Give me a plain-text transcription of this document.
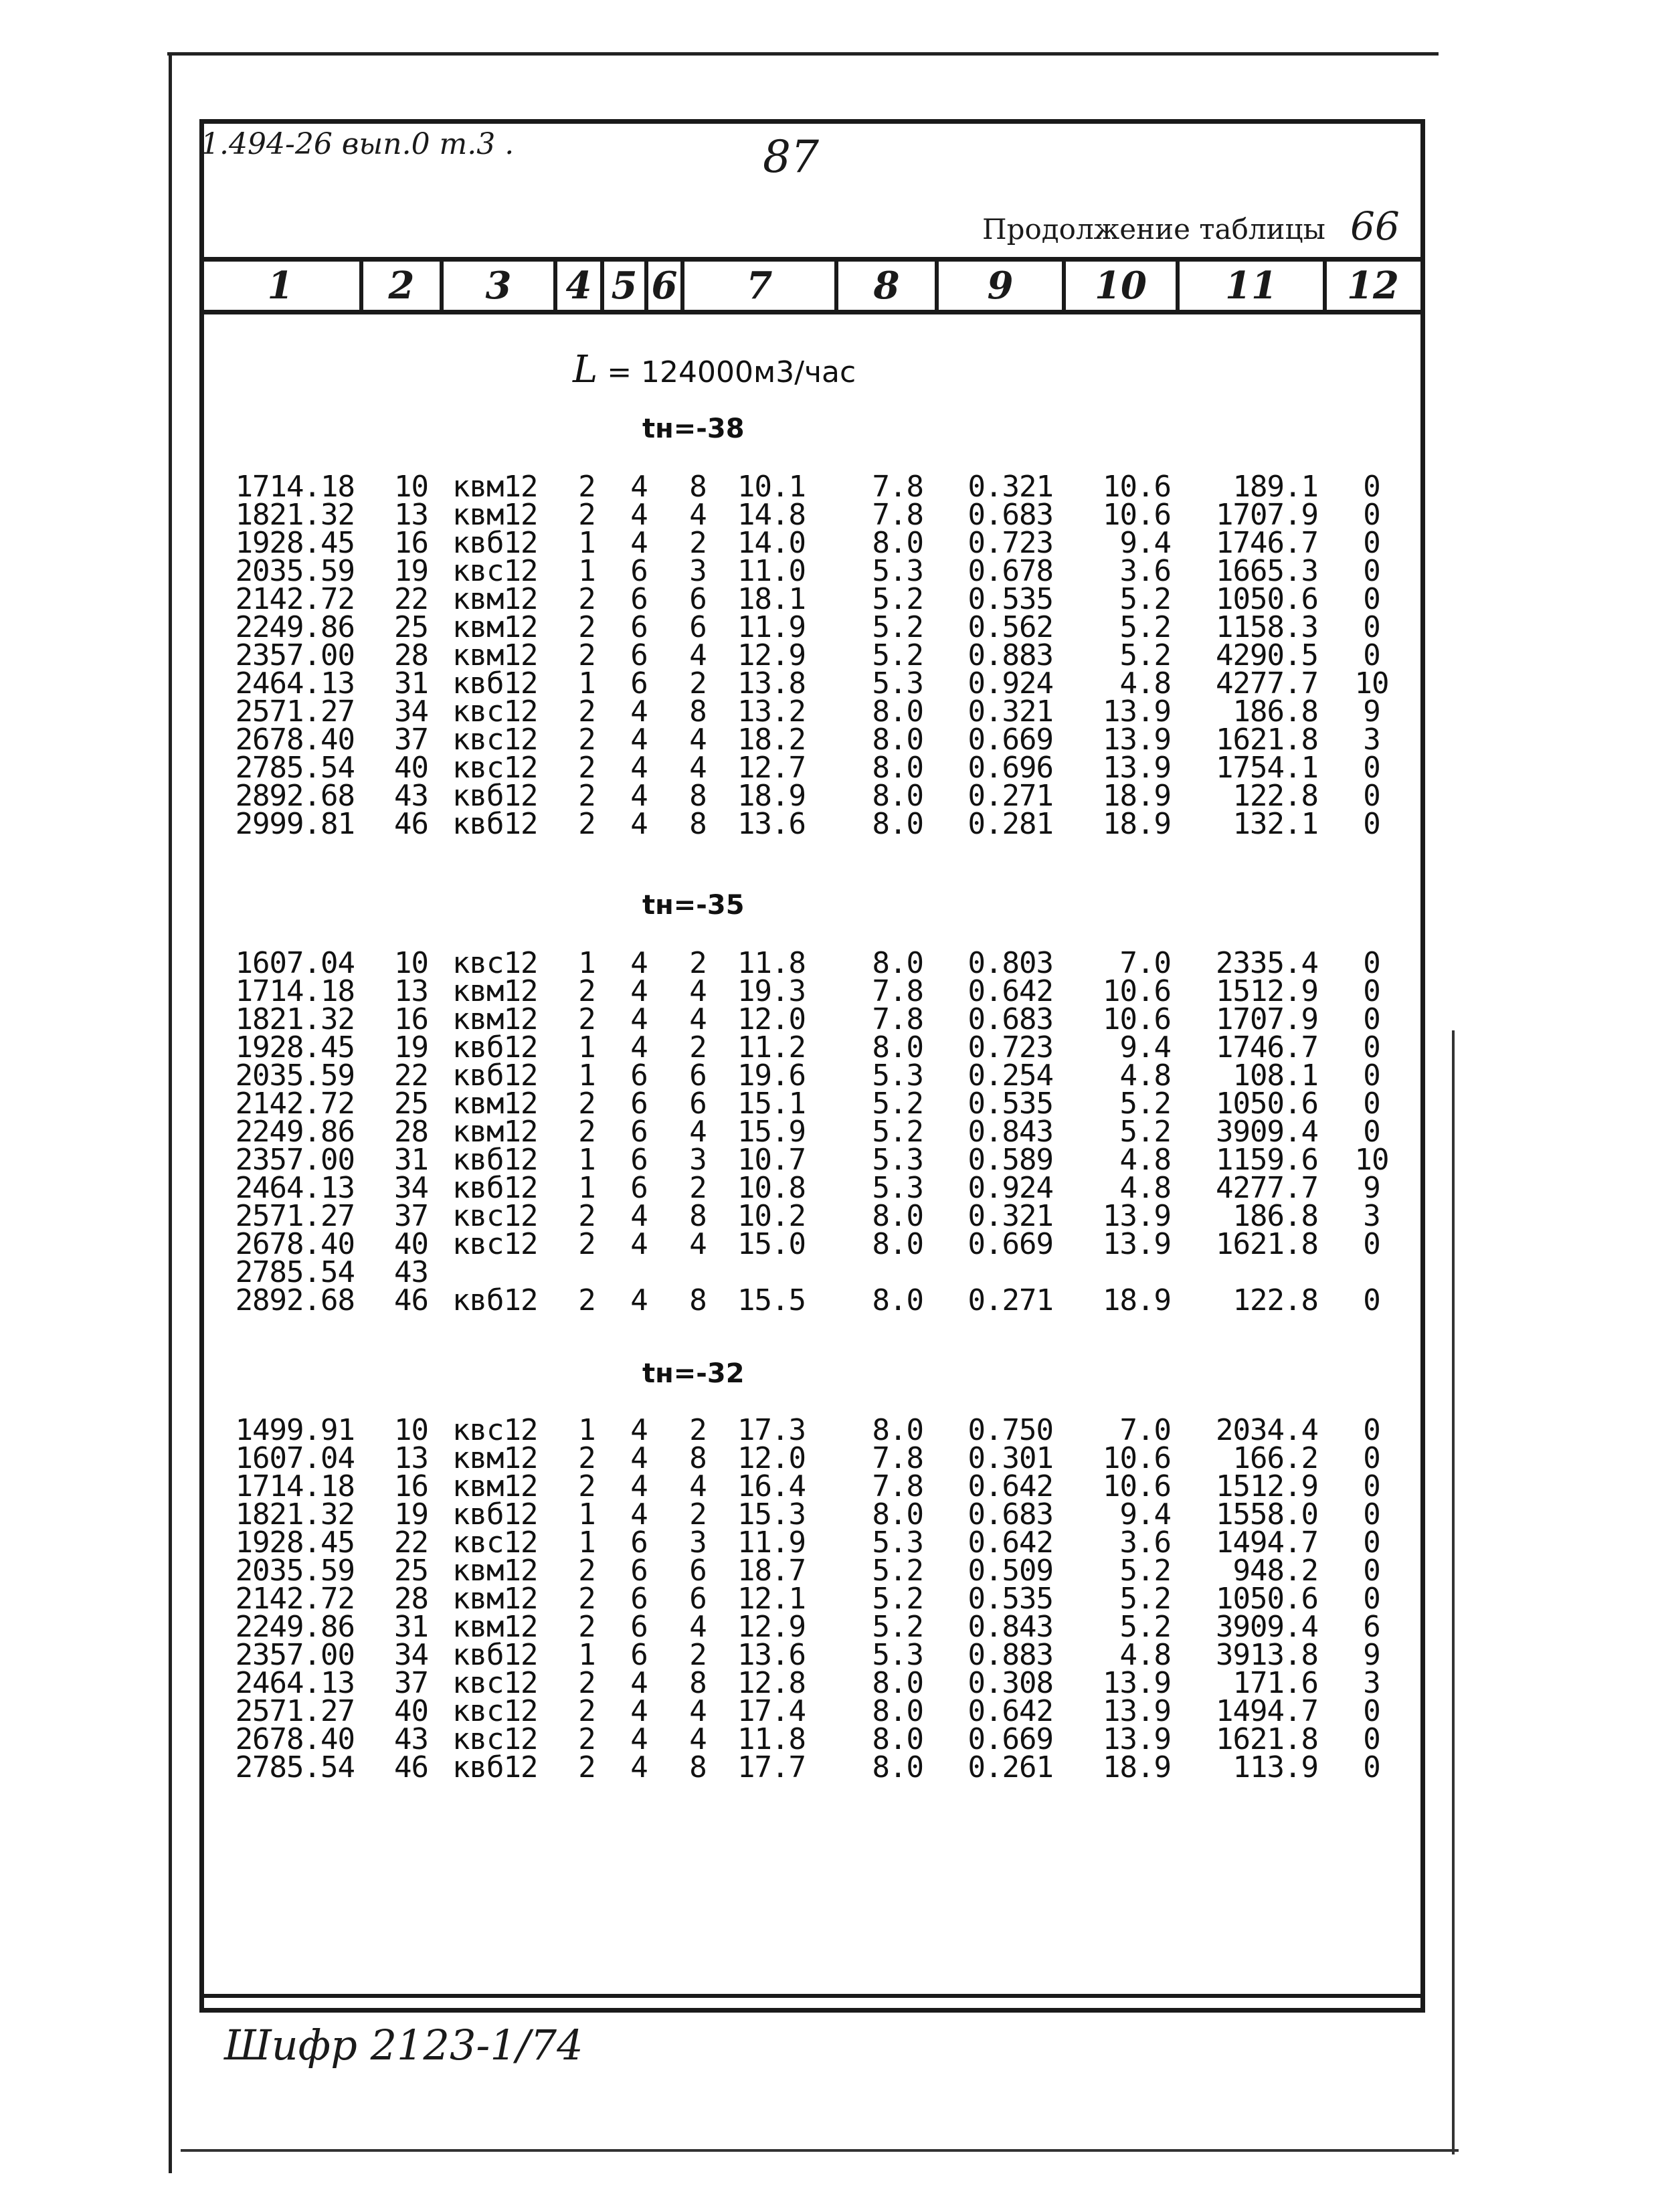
1.494-26 вып.0 т.3 .	87
Продолжение таблицы 66
1	2	3	4 5 6	7	8	9	10	11	12
L = 124000м3/час
tн=-38
1714.18	10 квм12	2 4 8	10.1	7.8	0.321	10.6	189.1	0
1821.32	13 квм12	2 4 4	14.8	7.8	0.683	10.6	1707.9	0
1928.45	16 квб12	1 4 2	14.0	8.0	0.723	9.4	1746.7	0
2035.59	19 квс12	1 6 3	11.0	5.3	0.678	3.6	1665.3	0
2142.72	22 квм12	2 6 6	18.1	5.2	0.535	5.2	1050.6	0
2249.86	25 квм12	2 6 6	11.9	5.2	0.562	5.2	1158.3	0
2357.00	28 квм12	2 6 4	12.9	5.2	0.883	5.2	4290.5	0
2464.13	31 квб12	1 6 2	13.8	5.3	0.924	4.8	4277.7	10
2571.27	34 квс12	2 4 8	13.2	8.0	0.321	13.9	186.8	9
2678.40	37 квс12	2 4 4	18.2	8.0	0.669	13.9	1621.8	3
2785.54	40 квс12	2 4 4	12.7	8.0	0.696	13.9	1754.1	0
2892.68	43 квб12	2 4 8	18.9	8.0	0.271	18.9	122.8	0
2999.81	46 квб12	2 4 8	13.6	8.0	0.281	18.9	132.1	0
tн=-35
1607.04	10 квс12	1 4 2	11.8	8.0	0.803	7.0	2335.4	0
1714.18	13 квм12	2 4 4	19.3	7.8	0.642	10.6	1512.9	0
1821.32	16 квм12	2 4 4	12.0	7.8	0.683	10.6	1707.9	0
1928.45	19 квб12	1 4 2	11.2	8.0	0.723	9.4	1746.7	0
2035.59	22 квб12	1 6 6	19.6	5.3	0.254	4.8	108.1	0
2142.72	25 квм12	2 6 6	15.1	5.2	0.535	5.2	1050.6	0
2249.86	28 квм12	2 6 4	15.9	5.2	0.843	5.2	3909.4	0
2357.00	31 квб12	1 6 3	10.7	5.3	0.589	4.8	1159.6	10
2464.13	34 квб12	1 6 2	10.8	5.3	0.924	4.8	4277.7	9
2571.27	37 квс12	2 4 8	10.2	8.0	0.321	13.9	186.8	3
2678.40	40 квс12	2 4 4	15.0	8.0	0.669	13.9	1621.8	0
2785.54	43
2892.68	46 квб12	2 4 8	15.5	8.0	0.271	18.9	122.8	0
tн=-32
1499.91	10 квс12	1 4 2	17.3	8.0	0.750	7.0	2034.4	0
1607.04	13 квм12	2 4 8	12.0	7.8	0.301	10.6	166.2	0
1714.18	16 квм12	2 4 4	16.4	7.8	0.642	10.6	1512.9	0
1821.32	19 квб12	1 4 2	15.3	8.0	0.683	9.4	1558.0	0
1928.45	22 квс12	1 6 3	11.9	5.3	0.642	3.6	1494.7	0
2035.59	25 квм12	2 6 6	18.7	5.2	0.509	5.2	948.2	0
2142.72	28 квм12	2 6 6	12.1	5.2	0.535	5.2	1050.6	0
2249.86	31 квм12	2 6 4	12.9	5.2	0.843	5.2	3909.4	6
2357.00	34 квб12	1 6 2	13.6	5.3	0.883	4.8	3913.8	9
2464.13	37 квс12	2 4 8	12.8	8.0	0.308	13.9	171.6	3
2571.27	40 квс12	2 4 4	17.4	8.0	0.642	13.9	1494.7	0
2678.40	43 квс12	2 4 4	11.8	8.0	0.669	13.9	1621.8	0
2785.54	46 квб12	2 4 8	17.7	8.0	0.261	18.9	113.9	0
Шифр 2123-1/74
